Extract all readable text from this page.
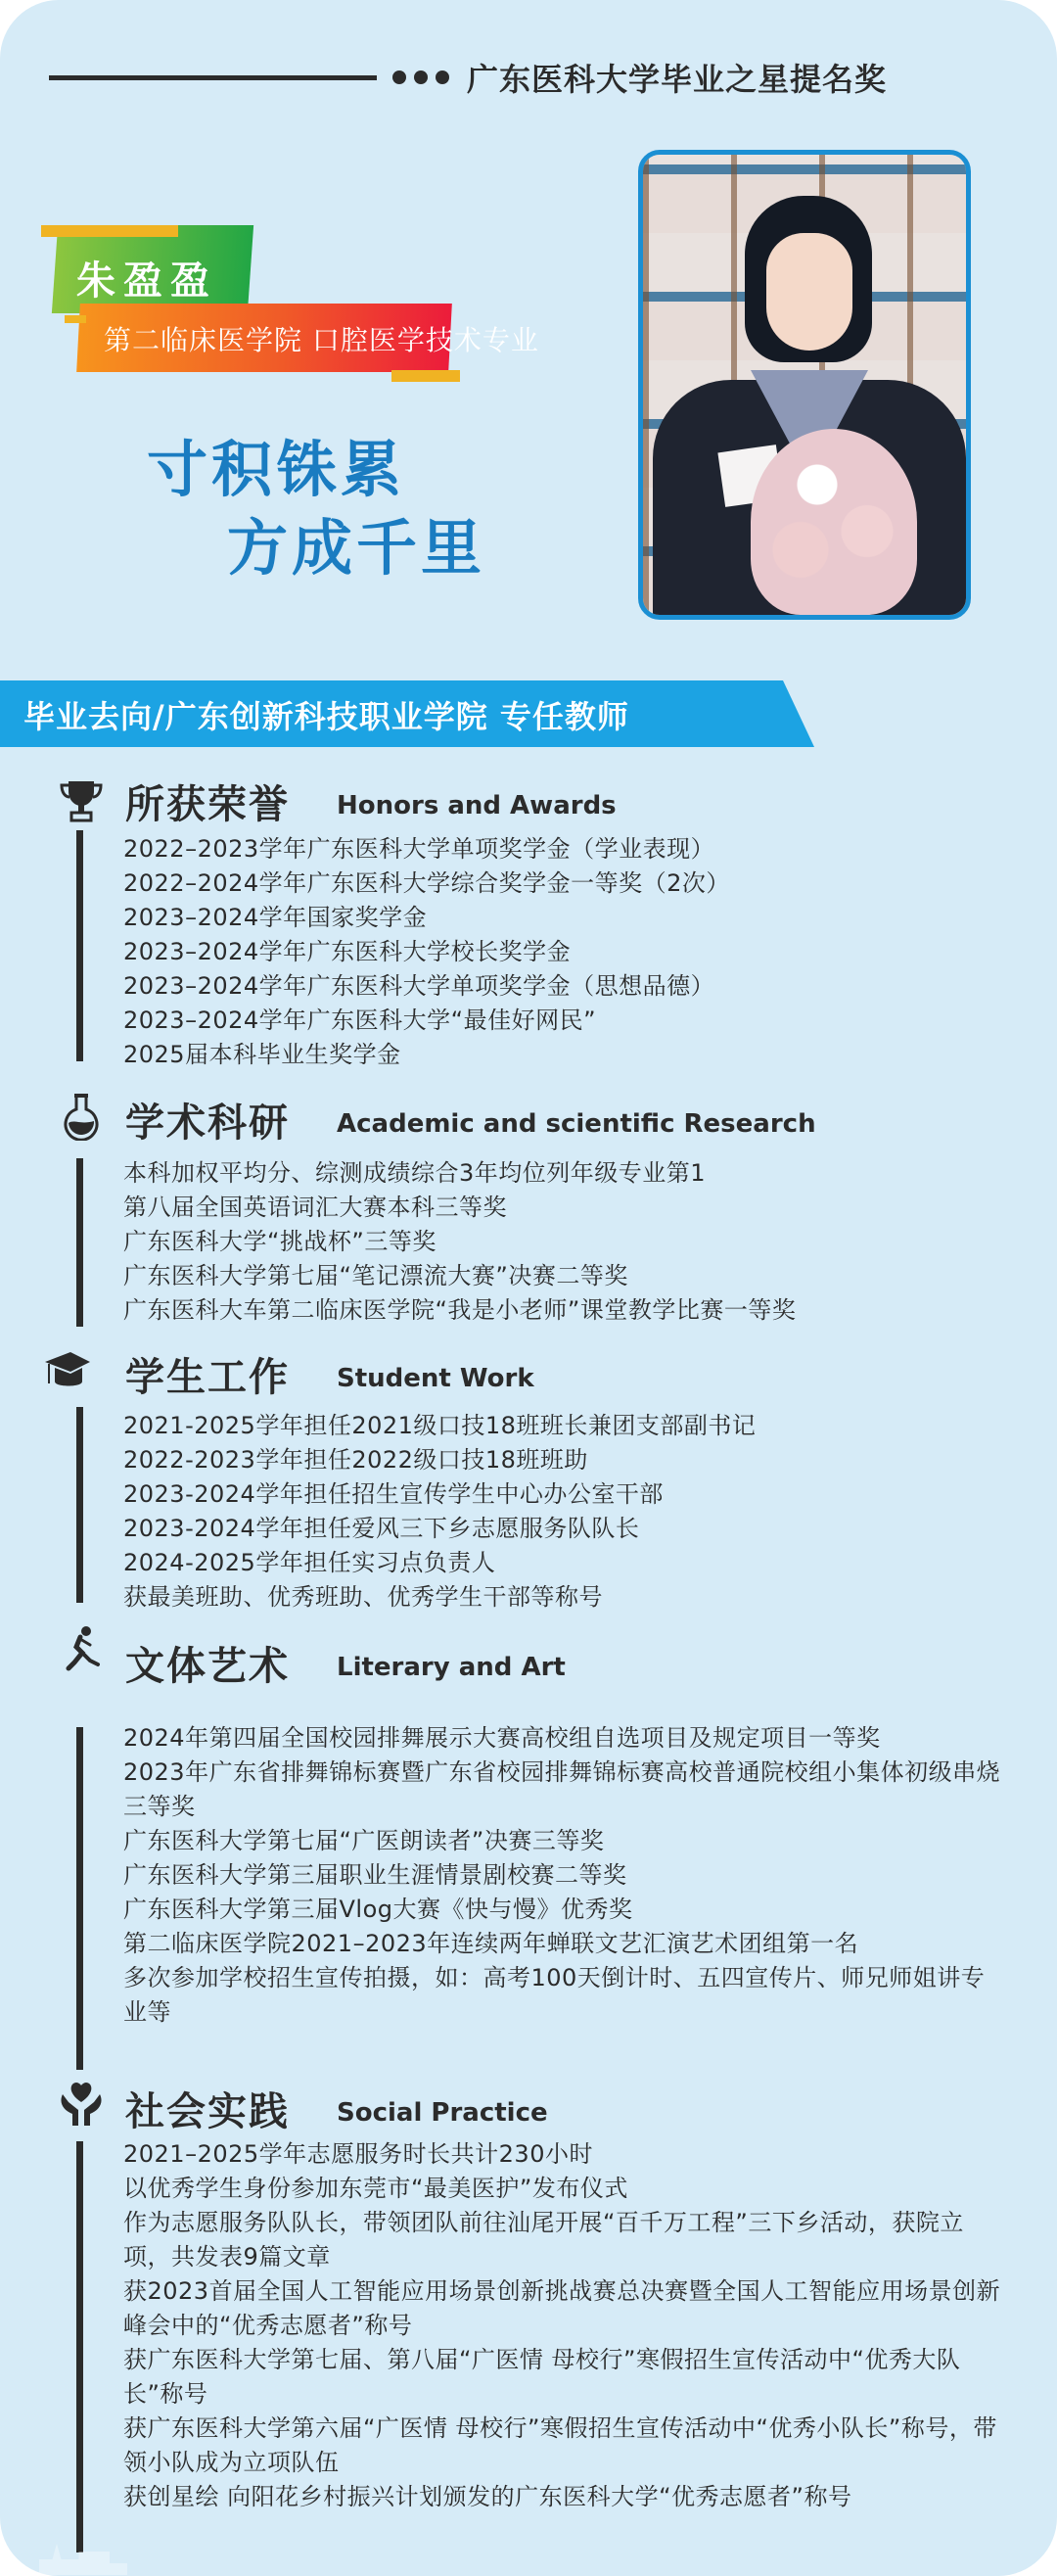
广东医科大学毕业之星提名奖
朱盈盈
第二临床医学院 口腔医学技术专业
寸积铢累
方成千里
毕业去向/广东创新科技职业学院 专任教师
所获荣誉 Honors and Awards
2022–2023学年广东医科大学单项奖学金（学业表现）
2022–2024学年广东医科大学综合奖学金一等奖（2次）
2023–2024学年国家奖学金
2023–2024学年广东医科大学校长奖学金
2023–2024学年广东医科大学单项奖学金（思想品德）
2023–2024学年广东医科大学“最佳好网民”
2025届本科毕业生奖学金
学术科研 Academic and scientific Research
本科加权平均分、综测成绩综合3年均位列年级专业第1
第八届全国英语词汇大赛本科三等奖
广东医科大学“挑战杯”三等奖
广东医科大学第七届“笔记漂流大赛”决赛二等奖
广东医科大车第二临床医学院“我是小老师”课堂教学比赛一等奖
学生工作 Student Work
2021-2025学年担任2021级口技18班班长兼团支部副书记
2022-2023学年担任2022级口技18班班助
2023-2024学年担任招生宣传学生中心办公室干部
2023-2024学年担任爱风三下乡志愿服务队队长
2024-2025学年担任实习点负责人
获最美班助、优秀班助、优秀学生干部等称号
文体艺术 Literary and Art
2024年第四届全国校园排舞展示大赛高校组自选项目及规定项目一等奖
2023年广东省排舞锦标赛暨广东省校园排舞锦标赛高校普通院校组小集体初级串烧三等奖
广东医科大学第七届“广医朗读者”决赛三等奖
广东医科大学第三届职业生涯情景剧校赛二等奖
广东医科大学第三届Vlog大赛《快与慢》优秀奖
第二临床医学院2021–2023年连续两年蝉联文艺汇演艺术团组第一名
多次参加学校招生宣传拍摄，如：高考100天倒计时、五四宣传片、师兄师姐讲专业等
社会实践 Social Practice
2021–2025学年志愿服务时长共计230小时
以优秀学生身份参加东莞市“最美医护”发布仪式
作为志愿服务队队长，带领团队前往汕尾开展“百千万工程”三下乡活动，获院立项，共发表9篇文章
获2023首届全国人工智能应用场景创新挑战赛总决赛暨全国人工智能应用场景创新峰会中的“优秀志愿者”称号
获广东医科大学第七届、第八届“广医情 母校行”寒假招生宣传活动中“优秀大队长”称号
获广东医科大学第六届“广医情 母校行”寒假招生宣传活动中“优秀小队长”称号，带领小队成为立项队伍
获创星绘 向阳花乡村振兴计划颁发的广东医科大学“优秀志愿者”称号
